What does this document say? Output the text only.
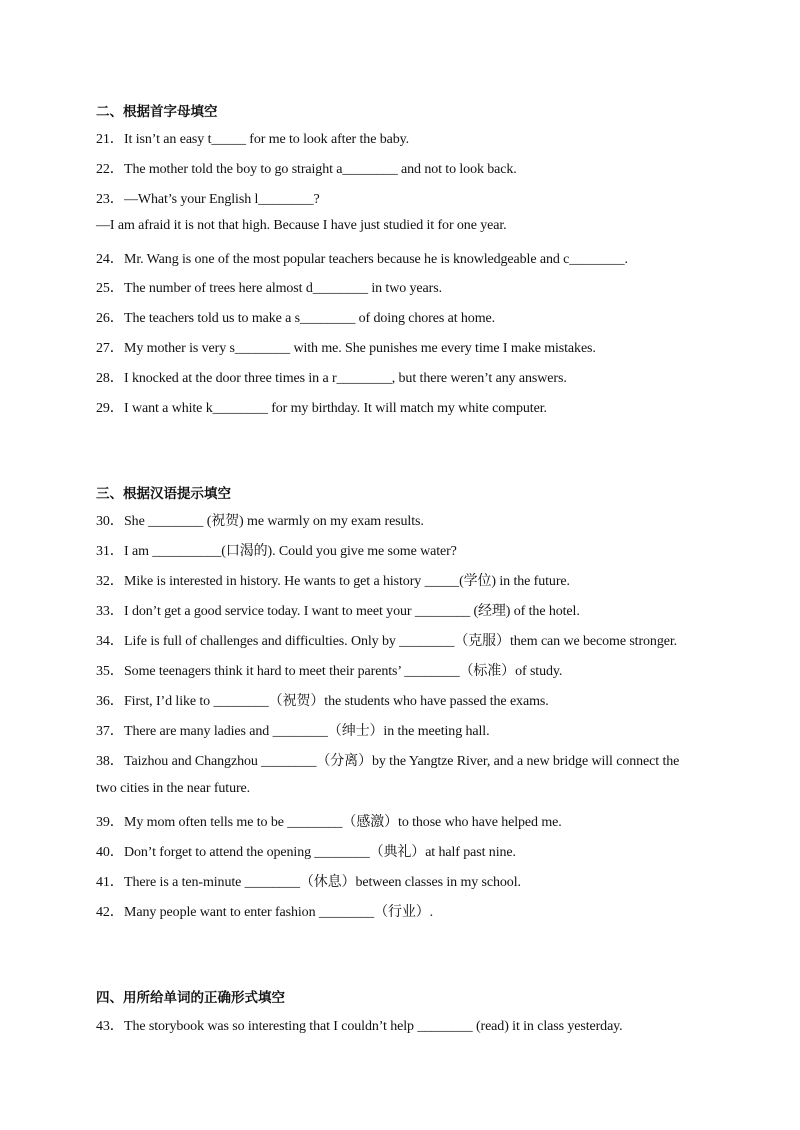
二、根据首字母填空
21．It isn’t an easy t_____ for me to look after the baby.
22．The mother told the boy to go straight a________ and not to look back.
23．—What’s your English l________?
—I am afraid it is not that high. Because I have just studied it for one year.
24．Mr. Wang is one of the most popular teachers because he is knowledgeable and c________.
25．The number of trees here almost d________ in two years.
26．The teachers told us to make a s________ of doing chores at home.
27．My mother is very s________ with me. She punishes me every time I make mistakes.
28．I knocked at the door three times in a r________, but there weren’t any answers.
29．I want a white k________ for my birthday. It will match my white computer.
三、根据汉语提示填空
30．She ________ (祝贺) me warmly on my exam results.
31．I am __________(口渴的). Could you give me some water?
32．Mike is interested in history. He wants to get a history _____(学位) in the future.
33．I don’t get a good service today. I want to meet your ________ (经理) of the hotel.
34．Life is full of challenges and difficulties. Only by ________（克服）them can we become stronger.
35．Some teenagers think it hard to meet their parents’ ________（标准）of study.
36．First, I’d like to ________（祝贺）the students who have passed the exams.
37．There are many ladies and ________（绅士）in the meeting hall.
38．Taizhou and Changzhou ________（分离）by the Yangtze River, and a new bridge will connect the
two cities in the near future.
39．My mom often tells me to be ________（感激）to those who have helped me.
40．Don’t forget to attend the opening ________（典礼）at half past nine.
41．There is a ten-minute ________（休息）between classes in my school.
42．Many people want to enter fashion ________（行业）.
四、用所给单词的正确形式填空
43．The storybook was so interesting that I couldn’t help ________ (read) it in class yesterday.
